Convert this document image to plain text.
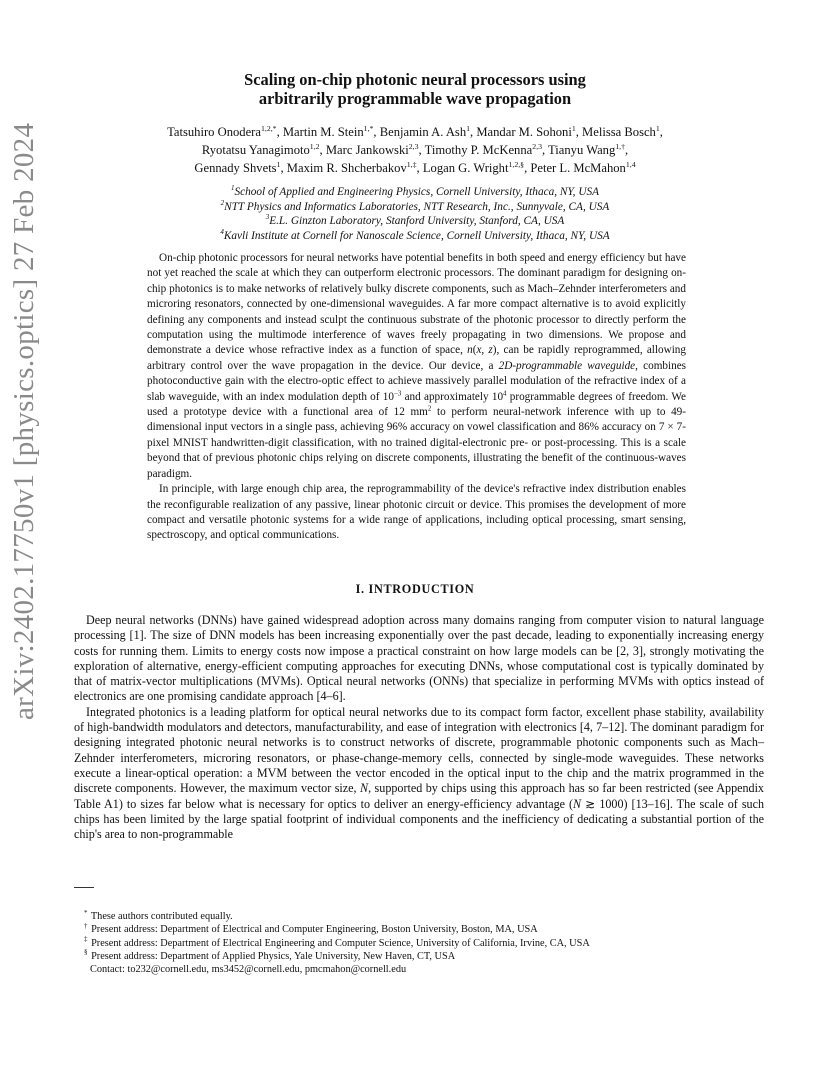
arXiv:2402.17750v1 [physics.optics] 27 Feb 2024
Scaling on-chip photonic neural processors using
arbitrarily programmable wave propagation
Tatsuhiro Onodera$^{1,2,*}$, Martin M. Stein$^{1,*}$, Benjamin A. Ash$^1$, Mandar M. Sohoni$^1$, Melissa Bosch$^1$,
Ryotatsu Yanagimoto$^{1,2}$, Marc Jankowski$^{2,3}$, Timothy P. McKenna$^{2,3}$, Tianyu Wang$^{1,\dagger}$,
Gennady Shvets$^1$, Maxim R. Shcherbakov$^{1,\ddagger}$, Logan G. Wright$^{1,2,\S}$, Peter L. McMahon$^{1,4}$
$^1$School of Applied and Engineering Physics, Cornell University, Ithaca, NY, USA
$^2$NTT Physics and Informatics Laboratories, NTT Research, Inc., Sunnyvale, CA, USA
$^3$E.L. Ginzton Laboratory, Stanford University, Stanford, CA, USA
$^4$Kavli Institute at Cornell for Nanoscale Science, Cornell University, Ithaca, NY, USA

On-chip photonic processors for neural networks have potential benefits in both speed and energy efficiency but have not yet reached the scale at which they can outperform electronic processors. The dominant paradigm for designing on-chip photonics is to make networks of relatively bulky discrete components, such as Mach–Zehnder interferometers and microring resonators, connected by one-dimensional waveguides. A far more compact alternative is to avoid explicitly defining any components and instead sculpt the continuous substrate of the photonic processor to directly perform the computation using the multimode interference of waves freely propagating in two dimensions. We propose and demonstrate a device whose refractive index as a function of space, n(x, z), can be rapidly reprogrammed, allowing arbitrary control over the wave propagation in the device. Our device, a 2D-programmable waveguide, combines photoconductive gain with the electro-optic effect to achieve massively parallel modulation of the refractive index of a slab waveguide, with an index modulation depth of $10^{-3}$ and approximately $10^4$ programmable degrees of freedom. We used a prototype device with a functional area of 12 $mm^2$ to perform neural-network inference with up to 49-dimensional input vectors in a single pass, achieving 96% accuracy on vowel classification and 86% accuracy on 7 × 7-pixel MNIST handwritten-digit classification, with no trained digital-electronic pre- or post-processing. This is a scale beyond that of previous photonic chips relying on discrete components, illustrating the benefit of the continuous-waves paradigm.

In principle, with large enough chip area, the reprogrammability of the device's refractive index distribution enables the reconfigurable realization of any passive, linear photonic circuit or device. This promises the development of more compact and versatile photonic systems for a wide range of applications, including optical processing, smart sensing, spectroscopy, and optical communications.

I. INTRODUCTION

Deep neural networks (DNNs) have gained widespread adoption across many domains ranging from computer vision to natural language processing [1]. The size of DNN models has been increasing exponentially over the past decade, leading to exponentially increasing energy costs for running them. Limits to energy costs now impose a practical constraint on how large models can be [2, 3], strongly motivating the exploration of alternative, energy-efficient computing approaches for executing DNNs, whose computational cost is typically dominated by that of matrix-vector multiplications (MVMs). Optical neural networks (ONNs) that specialize in performing MVMs with optics instead of electronics are one promising candidate approach [4–6].

Integrated photonics is a leading platform for optical neural networks due to its compact form factor, excellent phase stability, availability of high-bandwidth modulators and detectors, manufacturability, and ease of integration with electronics [4, 7–12]. The dominant paradigm for designing integrated photonic neural networks is to construct networks of discrete, programmable photonic components such as Mach–Zehnder interferometers, microring resonators, or phase-change-memory cells, connected by single-mode waveguides. These networks execute a linear-optical operation: a MVM between the vector encoded in the optical input to the chip and the matrix programmed in the discrete components. However, the maximum vector size, N, supported by chips using this approach has so far been restricted (see Appendix Table A1) to sizes far below what is necessary for optics to deliver an energy-efficiency advantage (N ≳ 1000) [13–16]. The scale of such chips has been limited by the large spatial footprint of individual components and the inefficiency of dedicating a substantial portion of the chip's area to non-programmable

* These authors contributed equally.

† Present address: Department of Electrical and Computer Engineering, Boston University, Boston, MA, USA

‡ Present address: Department of Electrical Engineering and Computer Science, University of California, Irvine, CA, USA

§ Present address: Department of Applied Physics, Yale University, New Haven, CT, USA

Contact: to232@cornell.edu, ms3452@cornell.edu, pmcmahon@cornell.edu
